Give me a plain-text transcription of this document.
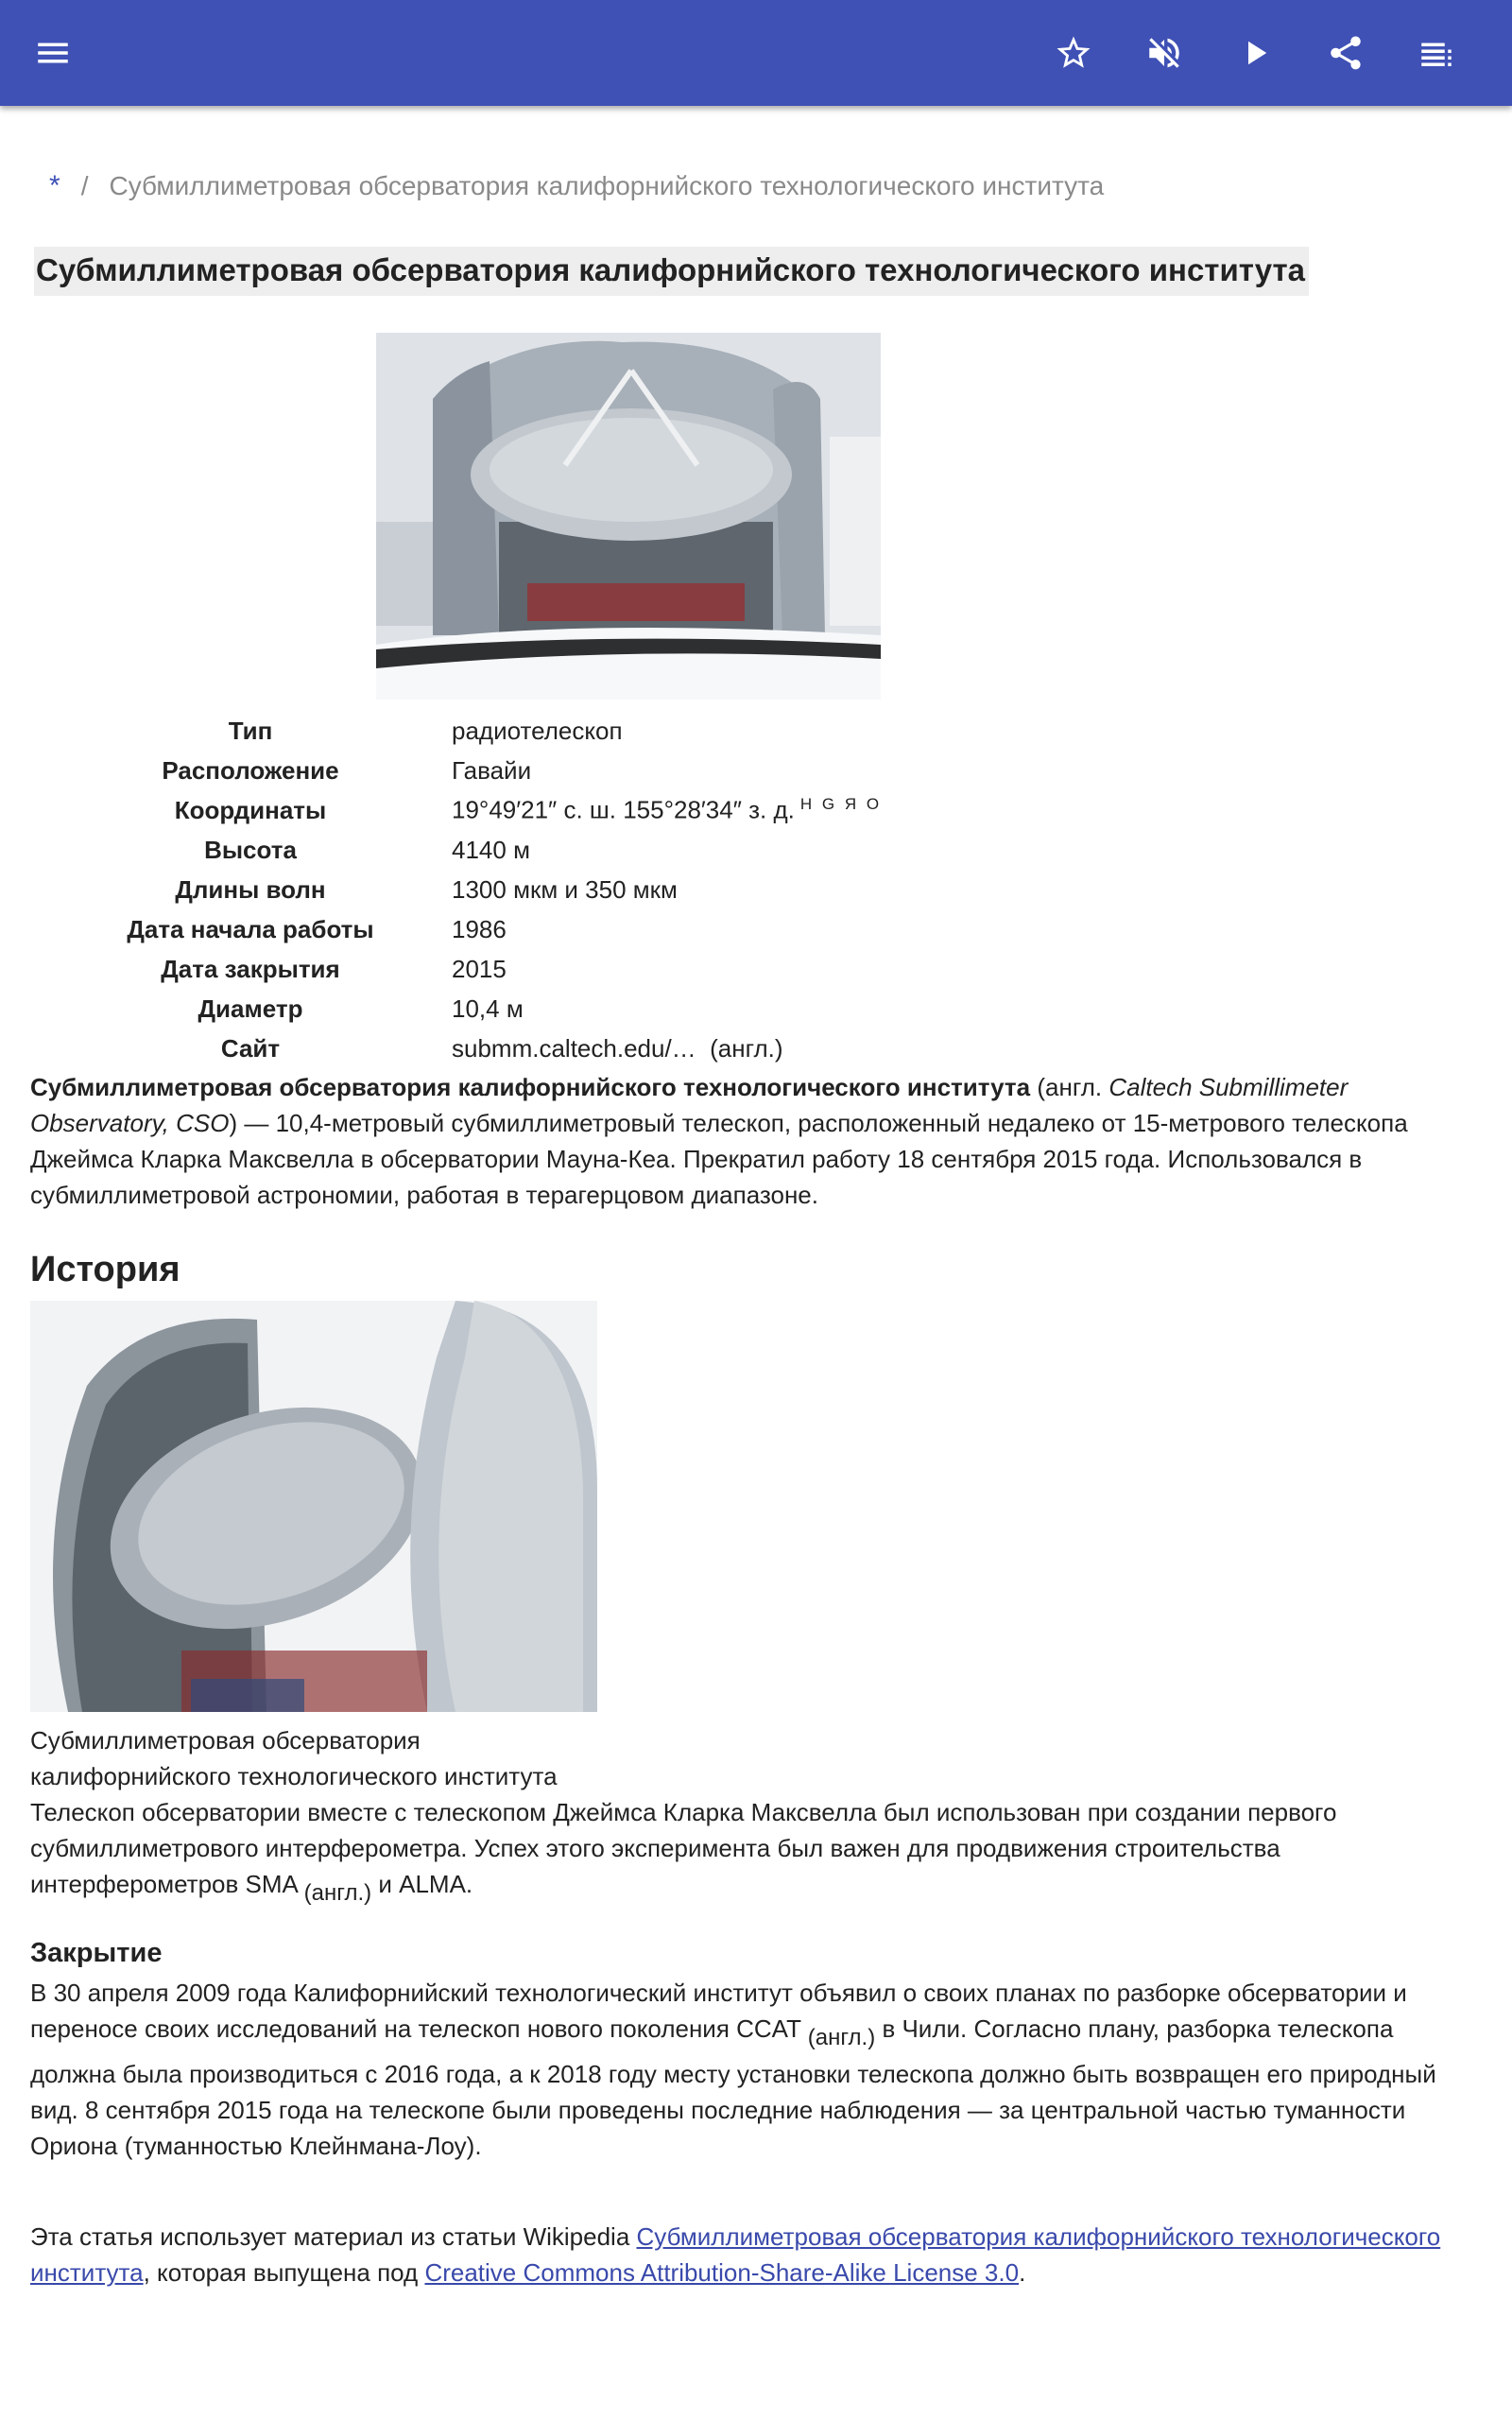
* / Субмиллиметровая обсерватория калифорнийского технологического института
Субмиллиметровая обсерватория калифорнийского технологического института
Тип	радиотелескоп
Расположение	Гавайи
Координаты	19°49′21″ с. ш. 155°28′34″ з. д. $^{H G Я O}$
Высота	4140 м
Длины волн	1300 мкм и 350 мкм
Дата начала работы	1986
Дата закрытия	2015
Диаметр	10,4 м
Сайт	submm.caltech.edu/… (англ.)
Субмиллиметровая обсерватория калифорнийского технологического института (англ. Caltech Submillimeter Observatory, CSO) — 10,4-метровый субмиллиметровый телескоп, расположенный недалеко от 15-метрового телескопа Джеймса Кларка Максвелла в обсерватории Мауна-Кеа. Прекратил работу 18 сентября 2015 года. Использовался в субмиллиметровой астрономии, работая в терагерцовом диапазоне.
История
Субмиллиметровая обсерватория
калифорнийского технологического института
Телескоп обсерватории вместе с телескопом Джеймса Кларка Максвелла был использован при создании первого субмиллиметрового интерферометра. Успех этого эксперимента был важен для продвижения строительства интерферометров SMA (англ.) и ALMA.
Закрытие
В 30 апреля 2009 года Калифорнийский технологический институт объявил о своих планах по разборке обсерватории и переносе своих исследований на телескоп нового поколения CCAT (англ.) в Чили. Согласно плану, разборка телескопа должна была производиться с 2016 года, а к 2018 году месту установки телескопа должно быть возвращен его природный вид. 8 сентября 2015 года на телескопе были проведены последние наблюдения — за центральной частью туманности Ориона (туманностью Клейнмана-Лоу).
Эта статья использует материал из статьи Wikipedia Субмиллиметровая обсерватория калифорнийского технологического института, которая выпущена под Creative Commons Attribution-Share-Alike License 3.0.
